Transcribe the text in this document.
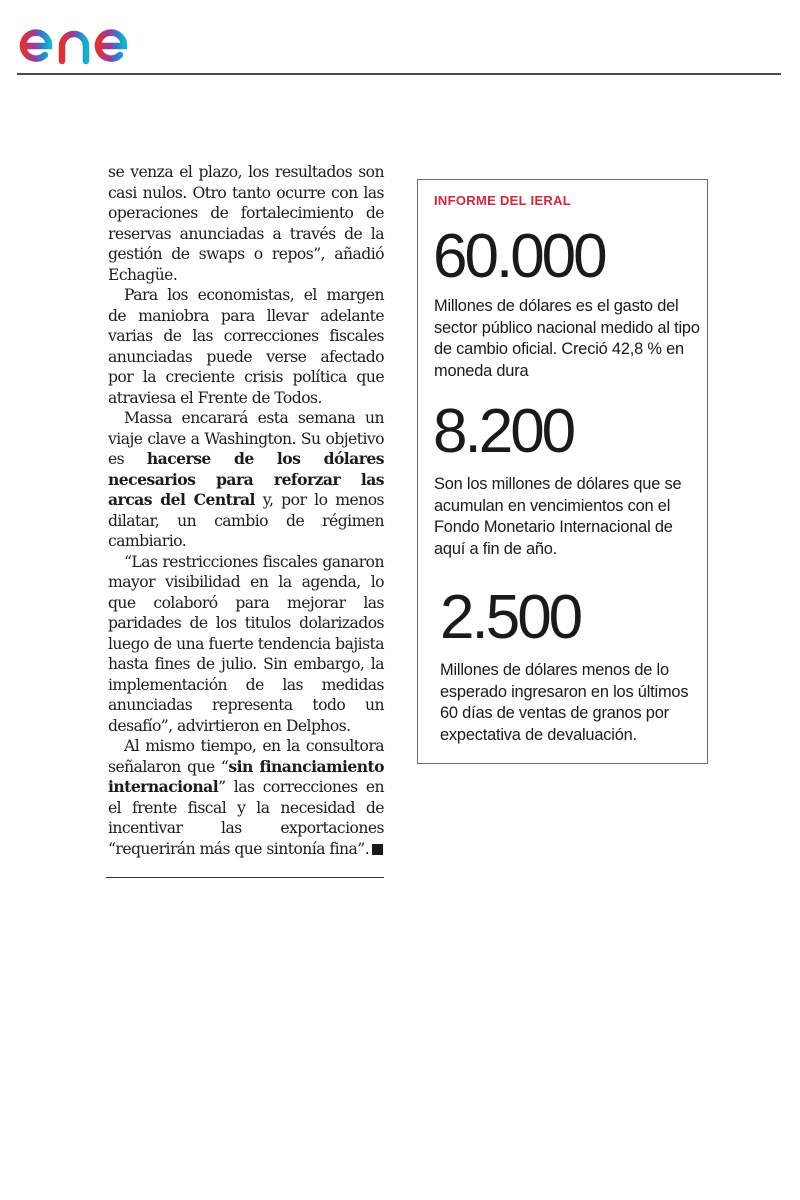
se venza el plazo, los resultados son casi nulos. Otro tanto ocurre con las operaciones de fortalecimiento de reservas anunciadas a través de la gestión de swaps o repos”, añadió Echagüe.

Para los economistas, el margen de maniobra para llevar adelante varias de las correcciones fiscales anunciadas puede verse afectado por la creciente crisis política que atraviesa el Frente de Todos.

Massa encarará esta semana un viaje clave a Washington. Su objetivo es hacerse de los dólares necesarios para reforzar las arcas del Central y, por lo menos dilatar, un cambio de régimen cambiario.

“Las restricciones fiscales ganaron mayor visibilidad en la agenda, lo que colaboró para mejorar las paridades de los titulos dolarizados luego de una fuerte tendencia bajista hasta fines de julio. Sin embargo, la implementación de las medidas anunciadas representa todo un desafío”, advirtieron en Delphos.

Al mismo tiempo, en la consultora señalaron que “sin financiamiento internacional” las correcciones en el frente fiscal y la necesidad de incentivar las exportaciones “requerirán más que sintonía fina”.

INFORME DEL IERAL
60.000
Millones de dólares es el gasto del sector público nacional medido al tipo de cambio oficial. Creció 42,8 % en moneda dura
8.200
Son los millones de dólares que se acumulan en vencimientos con el Fondo Monetario Internacional de aquí a fin de año.
2.500
Millones de dólares menos de lo esperado ingresaron en los últimos 60 días de ventas de granos por expectativa de devaluación.
